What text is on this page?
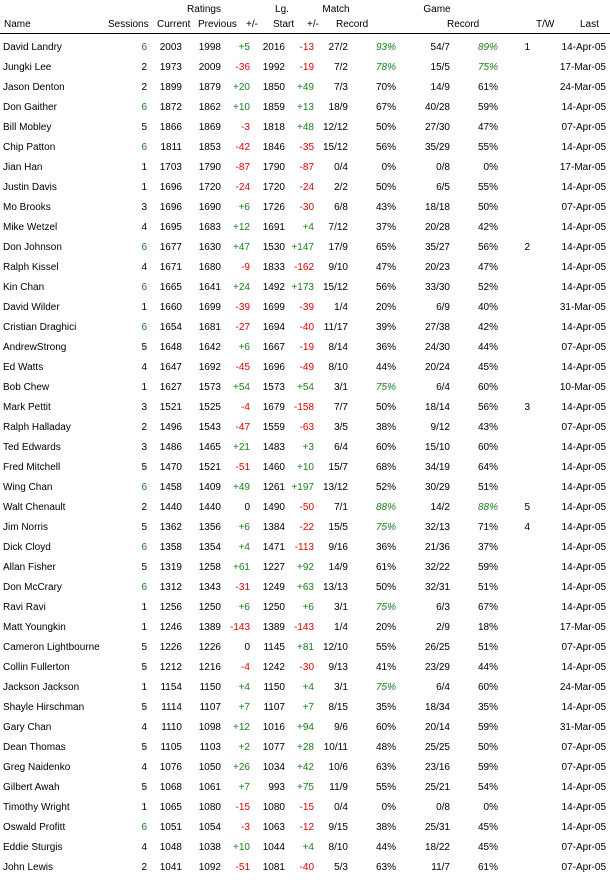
Ratings	Lg.	Match	Game
Name	Sessions Current Previous +/-	Start	+/-	Record	Record	T/W	Last
David Landry	6	2003 1998	+5	2016	-13	27/2	93%	54/7	89%	1	14-Apr-05
Jungki Lee	2	1973 2009	-36	1992	-19	7/2	78%	15/5	75%	17-Mar-05
Jason Denton	2	1899 1879	+20	1850	+49	7/3	70%	14/9	61%	24-Mar-05
Don Gaither	6	1872 1862	+10	1859	+13	18/9	67%	40/28	59%	14-Apr-05
Bill Mobley	5	1866 1869	-3	1818	+48 12/12	50%	27/30	47%	07-Apr-05
Chip Patton	6	1811 1853	-42	1846	-35 15/12	56%	35/29	55%	14-Apr-05
Jian Han	1	1703 1790	-87	1790	-87	0/4	0%	0/8	0%	17-Mar-05
Justin Davis	1	1696 1720	-24	1720	-24	2/2	50%	6/5	55%	14-Apr-05
Mo Brooks	3	1696 1690	+6	1726	-30	6/8	43%	18/18	50%	07-Apr-05
Mike Wetzel	4	1695 1683	+12	1691	+4	7/12	37%	20/28	42%	14-Apr-05
Don Johnson	6	1677 1630	+47	1530 +147	17/9	65%	35/27	56%	2	14-Apr-05
Ralph Kissel	4	1671 1680	-9	1833 -162	9/10	47%	20/23	47%	14-Apr-05
Kin Chan	6	1665 1641	+24	1492 +173 15/12	56%	33/30	52%	14-Apr-05
David Wilder	1	1660 1699	-39	1699	-39	1/4	20%	6/9	40%	31-Mar-05
Cristian Draghici	6	1654 1681	-27	1694	-40 11/17	39%	27/38	42%	14-Apr-05
AndrewStrong	5	1648 1642	+6	1667	-19	8/14	36%	24/30	44%	07-Apr-05
Ed Watts	4	1647 1692	-45	1696	-49	8/10	44%	20/24	45%	14-Apr-05
Bob Chew	1	1627 1573	+54	1573	+54	3/1	75%	6/4	60%	10-Mar-05
Mark Pettit	3	1521 1525	-4	1679 -158	7/7	50%	18/14	56%	3	14-Apr-05
Ralph Halladay	2	1496 1543	-47	1559	-63	3/5	38%	9/12	43%	07-Apr-05
Ted Edwards	3	1486 1465	+21	1483	+3	6/4	60%	15/10	60%	14-Apr-05
Fred Mitchell	5	1470 1521	-51	1460	+10	15/7	68%	34/19	64%	14-Apr-05
Wing Chan	6	1458 1409	+49	1261 +197 13/12	52%	30/29	51%	14-Apr-05
Walt Chenault	2	1440 1440	0	1490	-50	7/1	88%	14/2	88%	5	14-Apr-05
Jim Norris	5	1362 1356	+6	1384	-22	15/5	75%	32/13	71%	4	14-Apr-05
Dick Cloyd	6	1358 1354	+4	1471 -113	9/16	36%	21/36	37%	14-Apr-05
Allan Fisher	5	1319 1258	+61	1227	+92	14/9	61%	32/22	59%	14-Apr-05
Don McCrary	6	1312 1343	-31	1249	+63 13/13	50%	32/31	51%	14-Apr-05
Ravi Ravi	1	1256 1250	+6	1250	+6	3/1	75%	6/3	67%	14-Apr-05
Matt Youngkin	1	1246 1389 -143	1389 -143	1/4	20%	2/9	18%	17-Mar-05
Cameron Lightbourne	5	1226 1226	0	1145	+81 12/10	55%	26/25	51%	07-Apr-05
Collin Fullerton	5	1212 1216	-4	1242	-30	9/13	41%	23/29	44%	14-Apr-05
Jackson Jackson	1	1154	1150	+4	1150	+4	3/1	75%	6/4	60%	24-Mar-05
Shayle Hirschman	5	1114	1107	+7	1107	+7	8/15	35%	18/34	35%	14-Apr-05
Gary Chan	4	1110 1098	+12	1016	+94	9/6	60%	20/14	59%	31-Mar-05
Dean Thomas	5	1105	1103	+2	1077	+28 10/11	48%	25/25	50%	07-Apr-05
Greg Naidenko	4	1076 1050	+26	1034	+42	10/6	63%	23/16	59%	07-Apr-05
Gilbert Awah	5	1068 1061	+7	993	+75	11/9	55%	25/21	54%	14-Apr-05
Timothy Wright	1	1065 1080	-15	1080	-15	0/4	0%	0/8	0%	14-Apr-05
Oswald Profitt	6	1051 1054	-3	1063	-12	9/15	38%	25/31	45%	14-Apr-05
Eddie Sturgis	4	1048 1038	+10	1044	+4	8/10	44%	18/22	45%	07-Apr-05
John Lewis	2	1041 1092	-51	1081	-40	5/3	63%	11/7	61%	07-Apr-05
